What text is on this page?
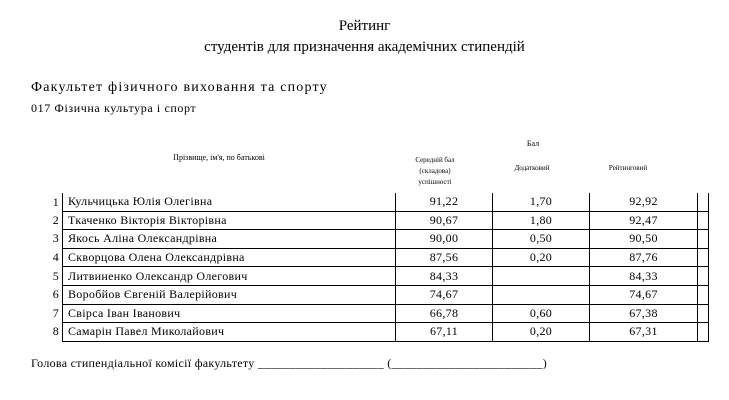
Рейтинг
студентів для призначення академічних стипендій
Факультет фізичного виховання та спорту
017 Фізична культура і спорт
Бал
Прізвище, ім'я, по батькові	Середній бал
(складова)
успішності
Додатковий	Рейтинговий
1	Кульчицька Юлія Олегівна	91,22	1,70	92,92	
2	Ткаченко Вікторія Вікторівна	90,67	1,80	92,47	
3	Якось Аліна Олександрівна	90,00	0,50	90,50	
4	Скворцова Олена Олександрівна	87,56	0,20	87,76	
5	Литвиненко Олександр Олегович	84,33		84,33	
6	Воробйов Євгеній Валерійович	74,67		74,67	
7	Свірса Іван Іванович	66,78	0,60	67,38	
8	Самарін Павел Миколайович	67,11	0,20	67,31	
Голова стипендіальної комісії факультету ____________________ (________________________)
